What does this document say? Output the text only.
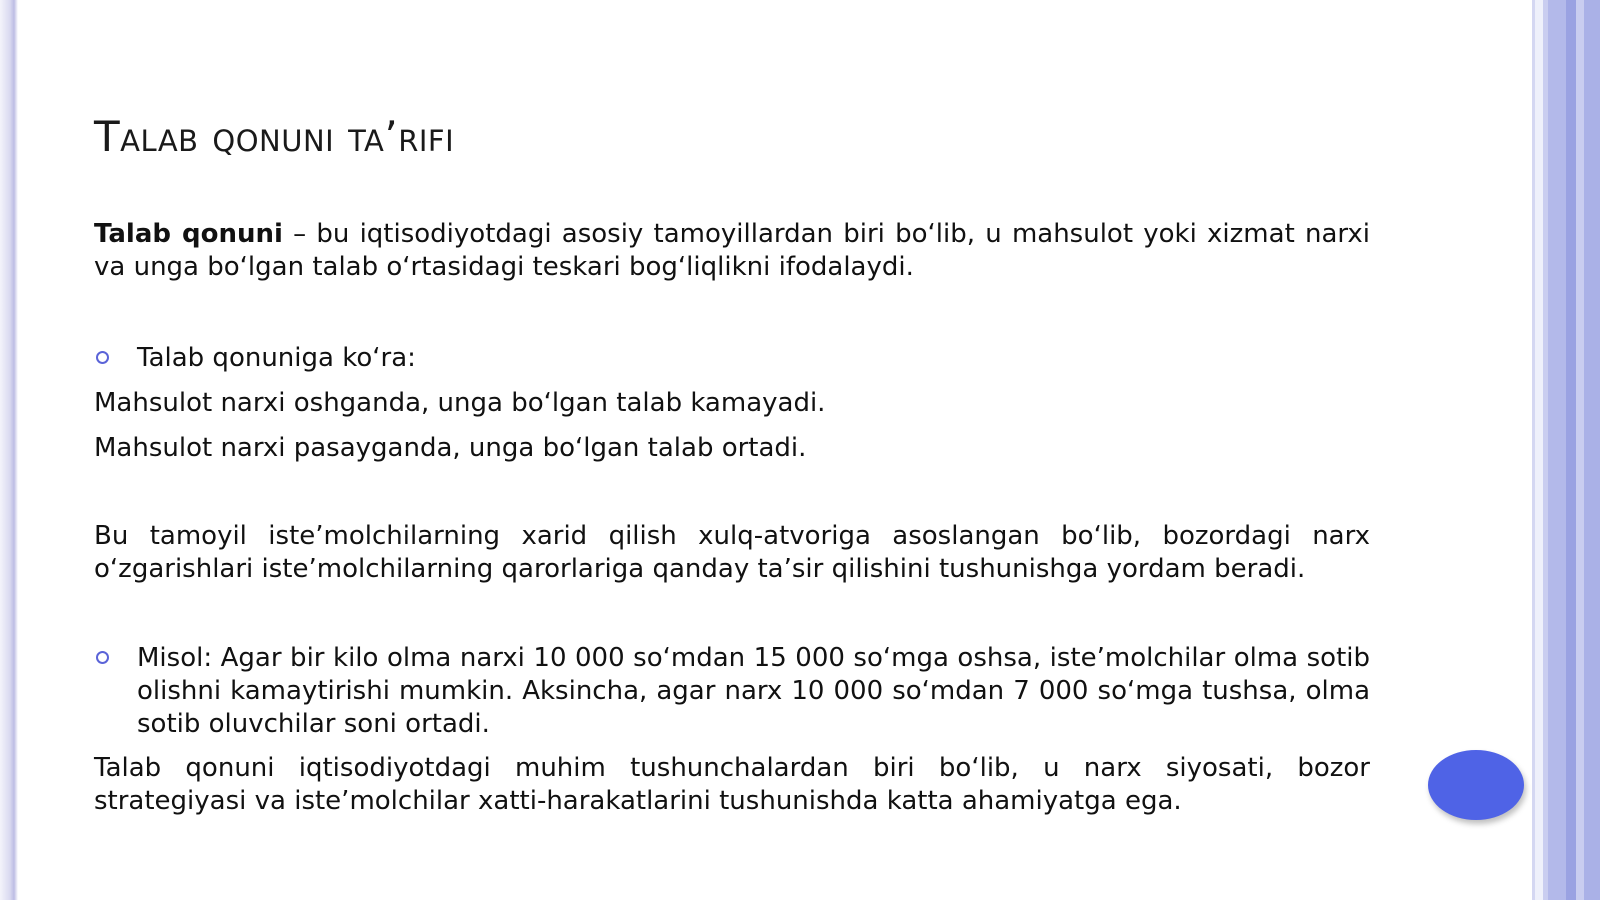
Talab qonuni ta’rifi

Talab qonuni – bu iqtisodiyotdagi asosiy tamoyillardan biri bo‘lib, u mahsulot yoki xizmat narxi va unga bo‘lgan talab o‘rtasidagi teskari bog‘liqlikni ifodalaydi.

Talab qonuniga ko‘ra:

Mahsulot narxi oshganda, unga bo‘lgan talab kamayadi.

Mahsulot narxi pasayganda, unga bo‘lgan talab ortadi.

Bu tamoyil iste’molchilarning xarid qilish xulq-atvoriga asoslangan bo‘lib, bozordagi narx o‘zgarishlari iste’molchilarning qarorlariga qanday ta’sir qilishini tushunishga yordam beradi.

Misol: Agar bir kilo olma narxi 10 000 so‘mdan 15 000 so‘mga oshsa, iste’molchilar olma sotib olishni kamaytirishi mumkin. Aksincha, agar narx 10 000 so‘mdan 7 000 so‘mga tushsa, olma sotib oluvchilar soni ortadi.

Talab qonuni iqtisodiyotdagi muhim tushunchalardan biri bo‘lib, u narx siyosati, bozor strategiyasi va iste’molchilar xatti-harakatlarini tushunishda katta ahamiyatga ega.
